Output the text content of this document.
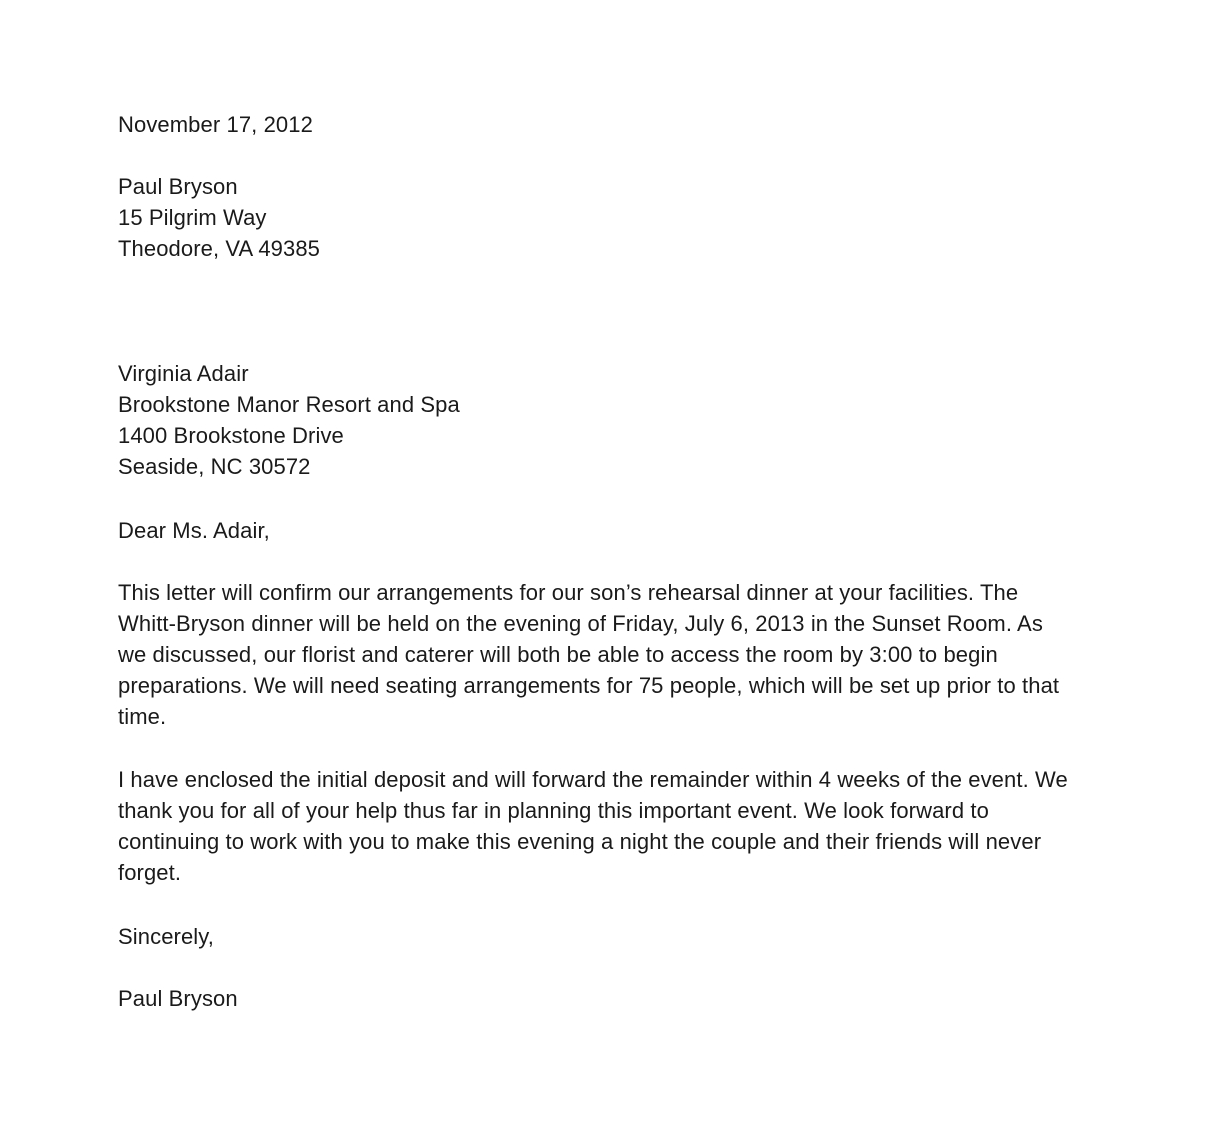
November 17, 2012
Paul Bryson
15 Pilgrim Way
Theodore, VA 49385
Virginia Adair
Brookstone Manor Resort and Spa
1400 Brookstone Drive
Seaside, NC 30572
Dear Ms. Adair,
This letter will confirm our arrangements for our son’s rehearsal dinner at your facilities. The
Whitt-Bryson dinner will be held on the evening of Friday, July 6, 2013 in the Sunset Room. As
we discussed, our florist and caterer will both be able to access the room by 3:00 to begin
preparations. We will need seating arrangements for 75 people, which will be set up prior to that
time.
I have enclosed the initial deposit and will forward the remainder within 4 weeks of the event. We
thank you for all of your help thus far in planning this important event. We look forward to
continuing to work with you to make this evening a night the couple and their friends will never
forget.
Sincerely,
Paul Bryson
